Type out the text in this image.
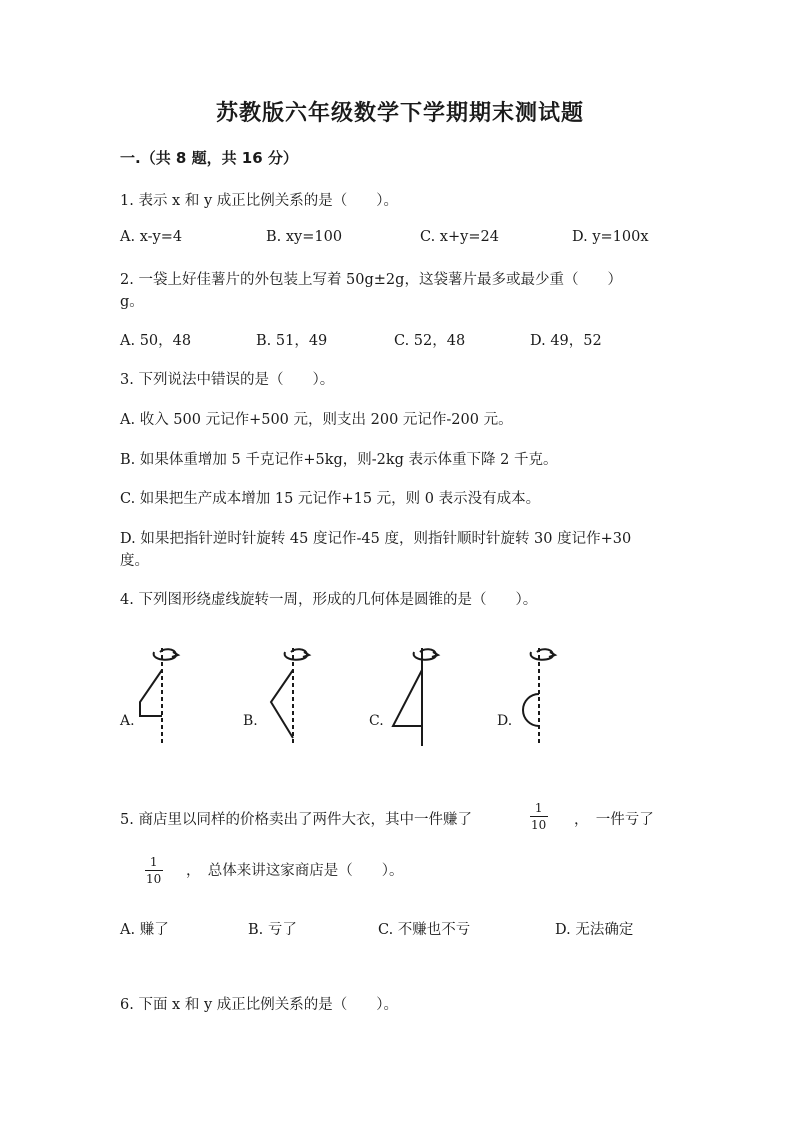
苏教版六年级数学下学期期末测试题
一.（共 8 题，共 16 分）
1. 表示 x 和 y 成正比例关系的是（　　）。
A. x-y=4	B. xy=100	C. x+y=24	D. y=100x
2. 一袋上好佳薯片的外包装上写着 50g±2g，这袋薯片最多或最少重（　　）
g。
A. 50，48	B. 51，49	C. 52，48	D. 49，52
3. 下列说法中错误的是（　　）。
A. 收入 500 元记作+500 元，则支出 200 元记作-200 元。
B. 如果体重增加 5 千克记作+5kg，则-2kg 表示体重下降 2 千克。
C. 如果把生产成本增加 15 元记作+15 元，则 0 表示没有成本。
D. 如果把指针逆时针旋转 45 度记作-45 度，则指针顺时针旋转 30 度记作+30
度。
4. 下列图形绕虚线旋转一周，形成的几何体是圆锥的是（　　）。
A.	B.	C.	D.
5. 商店里以同样的价格卖出了两件大衣，其中一件赚了
1
10 ，　一件亏了
1
10 ，　总体来讲这家商店是（　　）。
A. 赚了	B. 亏了	C. 不赚也不亏	D. 无法确定
6. 下面 x 和 y 成正比例关系的是（　　）。
